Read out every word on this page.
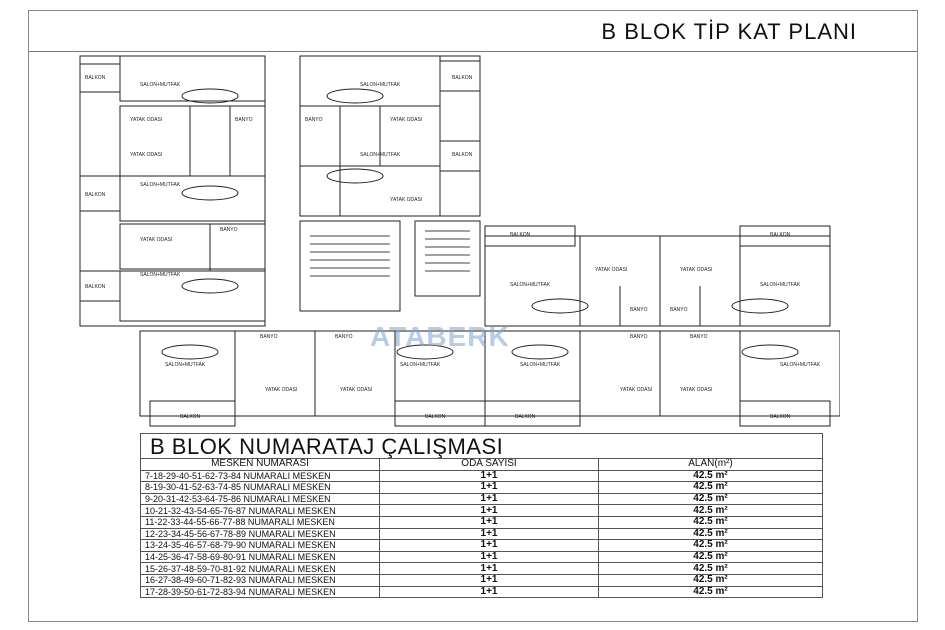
B BLOK TİP KAT PLANI
BALKON	BALKON
BALKON
BALKON
BALKON
BALKON	BALKON
BALKON	BALKON	BALKON	BALKON
SALON+MUTFAK
SALON+MUTFAK
SALON+MUTFAK
SALON+MUTFAK
SALON+MUTFAK
SALON+MUTFAK	SALON+MUTFAK
SALON+MUTFAK	SALON+MUTFAK	SALON+MUTFAK	SALON+MUTFAK
YATAK ODASI
YATAK ODASI
YATAK ODASI
YATAK ODASI
YATAK ODASI
YATAK ODASI	YATAK ODASI
YATAK ODASI	YATAK ODASI	YATAK ODASI	YATAK ODASI
BANYO	BANYO
BANYO
BANYO	BANYO
BANYO	BANYO	BANYO	BANYO
ATABERK
B BLOK NUMARATAJ ÇALIŞMASI
MESKEN NUMARASI	ODA SAYISI	ALAN(m²)
7-18-29-40-51-62-73-84 NUMARALI MESKEN	1+1	42.5 m²
8-19-30-41-52-63-74-85 NUMARALI MESKEN	1+1	42.5 m²
9-20-31-42-53-64-75-86 NUMARALI MESKEN	1+1	42.5 m²
10-21-32-43-54-65-76-87 NUMARALI MESKEN	1+1	42.5 m²
11-22-33-44-55-66-77-88 NUMARALI MESKEN	1+1	42.5 m²
12-23-34-45-56-67-78-89 NUMARALI MESKEN	1+1	42.5 m²
13-24-35-46-57-68-79-90 NUMARALI MESKEN	1+1	42.5 m²
14-25-36-47-58-69-80-91 NUMARALI MESKEN	1+1	42.5 m²
15-26-37-48-59-70-81-92 NUMARALI MESKEN	1+1	42.5 m²
16-27-38-49-60-71-82-93 NUMARALI MESKEN	1+1	42.5 m²
17-28-39-50-61-72-83-94 NUMARALI MESKEN	1+1	42.5 m²
